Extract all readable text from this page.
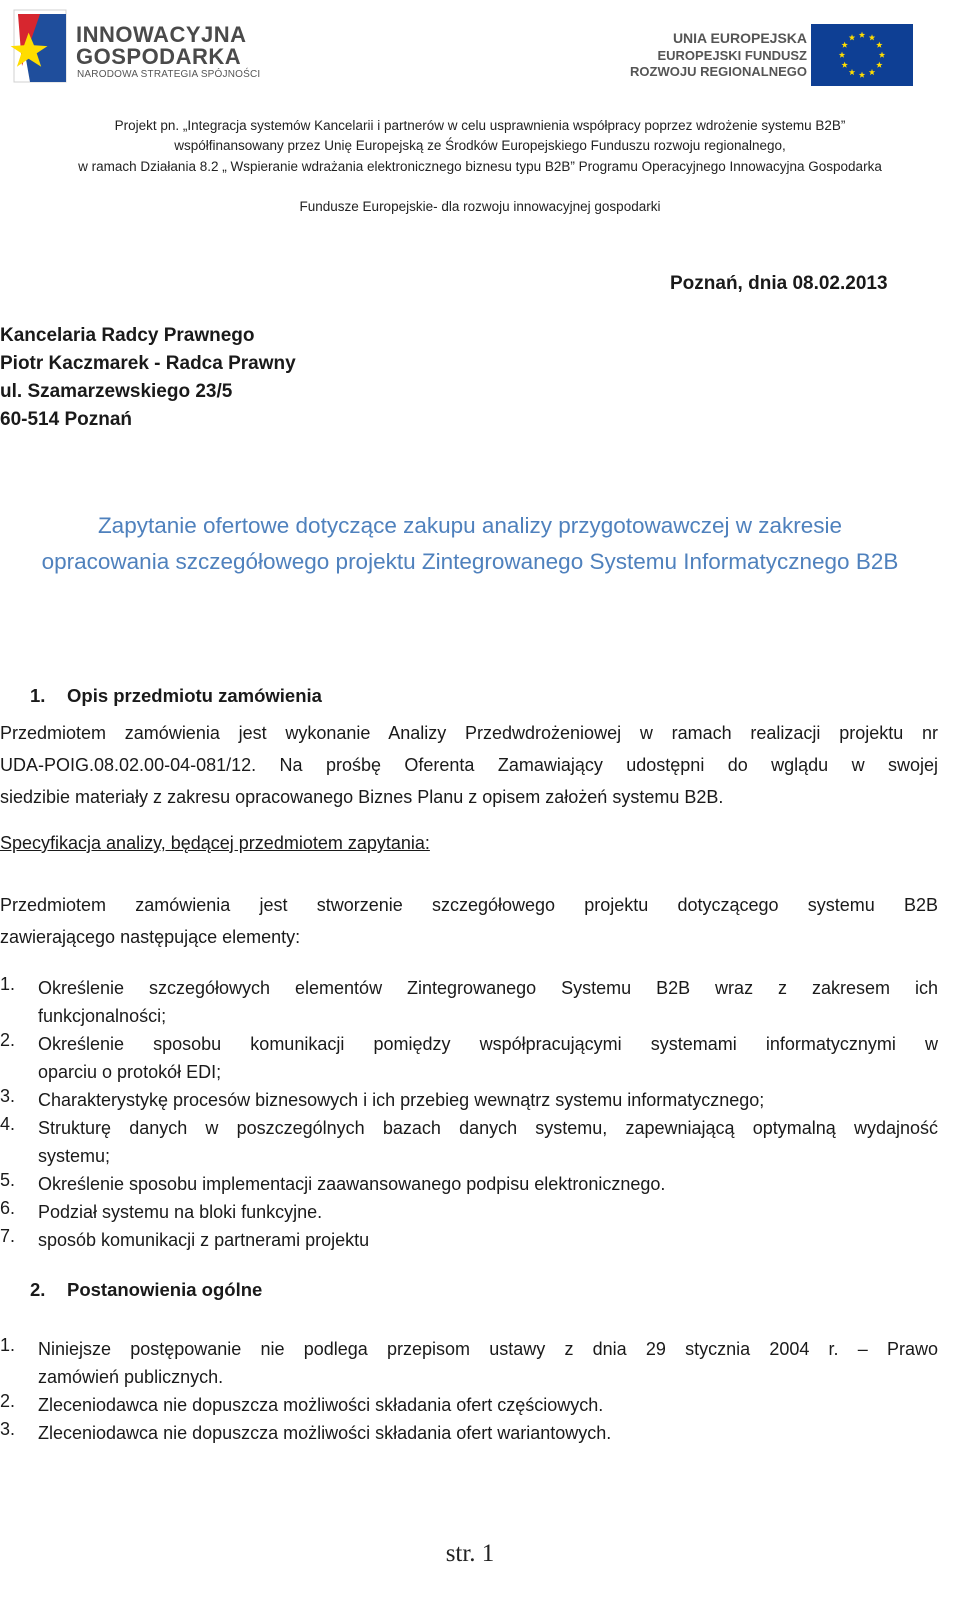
INNOWACYJNA
GOSPODARKA
NARODOWA STRATEGIA SPÓJNOŚCI
UNIA EUROPEJSKA
EUROPEJSKI FUNDUSZ
ROZWOJU REGIONALNEGO
Projekt pn. „Integracja systemów Kancelarii i partnerów w celu usprawnienia współpracy poprzez wdrożenie systemu B2B”
współfinansowany przez Unię Europejską ze Środków Europejskiego Funduszu rozwoju regionalnego,
w ramach Działania 8.2 „ Wspieranie wdrażania elektronicznego biznesu typu B2B” Programu Operacyjnego Innowacyjna Gospodarka
Fundusze Europejskie- dla rozwoju innowacyjnej gospodarki
Poznań, dnia 08.02.2013
Kancelaria Radcy Prawnego
Piotr Kaczmarek - Radca Prawny
ul. Szamarzewskiego 23/5
60-514 Poznań
Zapytanie ofertowe dotyczące zakupu analizy przygotowawczej w zakresie
opracowania szczegółowego projektu Zintegrowanego Systemu Informatycznego B2B
1. Opis przedmiotu zamówienia
Przedmiotem zamówienia jest wykonanie Analizy Przedwdrożeniowej w ramach realizacji projektu nr
UDA-POIG.08.02.00-04-081/12. Na prośbę Oferenta Zamawiający udostępni do wglądu w swojej
siedzibie materiały z zakresu opracowanego Biznes Planu z opisem założeń systemu B2B.
Specyfikacja analizy, będącej przedmiotem zapytania:
Przedmiotem zamówienia jest stworzenie szczegółowego projektu dotyczącego systemu B2B
zawierającego następujące elementy:
1.	Określenie szczegółowych elementów Zintegrowanego Systemu B2B wraz z zakresem ich
funkcjonalności;
2.	Określenie sposobu komunikacji pomiędzy współpracującymi systemami informatycznymi w
oparciu o protokół EDI;
3.	Charakterystykę procesów biznesowych i ich przebieg wewnątrz systemu informatycznego;
4.	Strukturę danych w poszczególnych bazach danych systemu, zapewniającą optymalną wydajność
systemu;
5.	Określenie sposobu implementacji zaawansowanego podpisu elektronicznego.
6.	Podział systemu na bloki funkcyjne.
7.	sposób komunikacji z partnerami projektu
2. Postanowienia ogólne
1.	Niniejsze postępowanie nie podlega przepisom ustawy z dnia 29 stycznia 2004 r. – Prawo
zamówień publicznych.
2.	Zleceniodawca nie dopuszcza możliwości składania ofert częściowych.
3.	Zleceniodawca nie dopuszcza możliwości składania ofert wariantowych.
str. 1
